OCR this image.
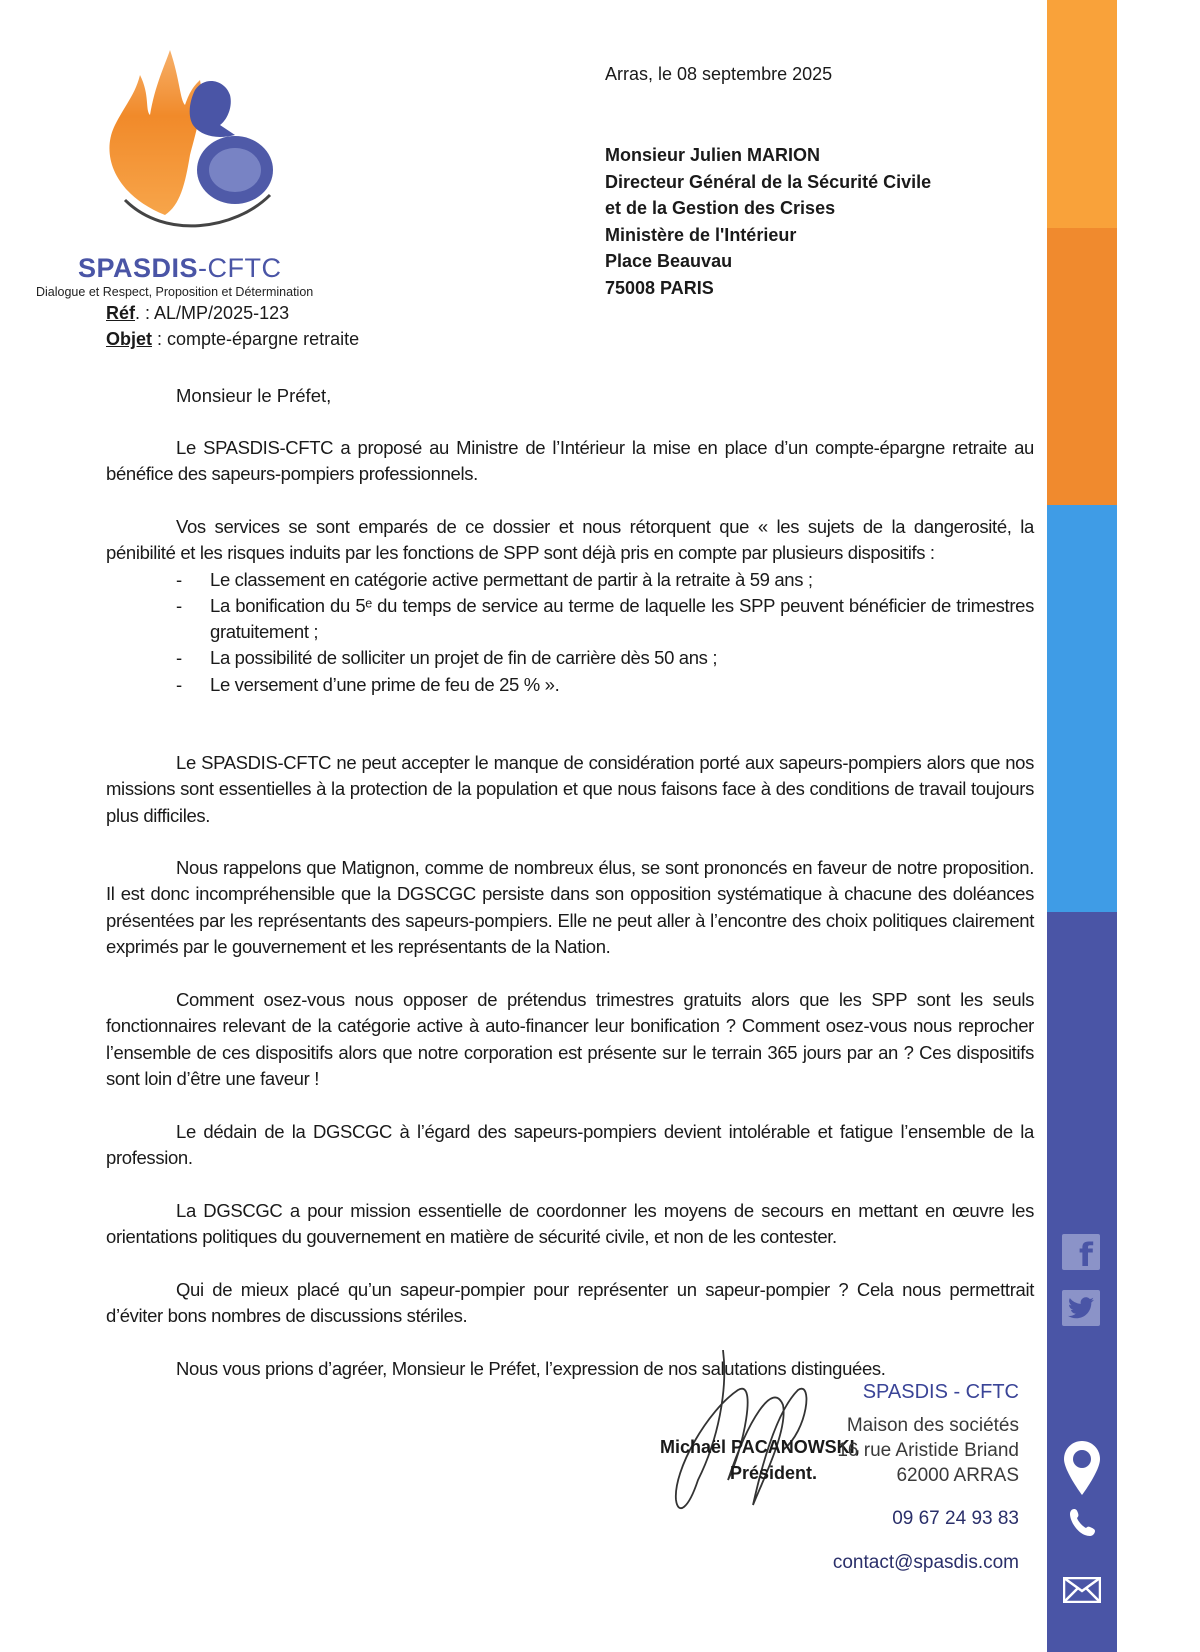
f
SPASDIS-CFTC
Dialogue et Respect, Proposition et Détermination
Réf. : AL/MP/2025-123
Objet : compte-épargne retraite
Arras, le 08 septembre 2025
Monsieur Julien MARION
Directeur Général de la Sécurité Civile
et de la Gestion des Crises
Ministère de l'Intérieur
Place Beauvau
75008 PARIS
Monsieur le Préfet,

Le SPASDIS-CFTC a proposé au Ministre de l’Intérieur la mise en place d’un compte-épargne retraite au bénéfice des sapeurs-pompiers professionnels.

Vos services se sont emparés de ce dossier et nous rétorquent que « les sujets de la dangerosité, la pénibilité et les risques induits par les fonctions de SPP sont déjà pris en compte par plusieurs dispositifs :

- Le classement en catégorie active permettant de partir à la retraite à 59 ans ;
- La bonification du 5ᵉ du temps de service au terme de laquelle les SPP peuvent bénéficier de trimestres gratuitement ;
- La possibilité de solliciter un projet de fin de carrière dès 50 ans ;
- Le versement d’une prime de feu de 25 % ».

Le SPASDIS-CFTC ne peut accepter le manque de considération porté aux sapeurs-pompiers alors que nos missions sont essentielles à la protection de la population et que nous faisons face à des conditions de travail toujours plus difficiles.

Nous rappelons que Matignon, comme de nombreux élus, se sont prononcés en faveur de notre proposition. Il est donc incompréhensible que la DGSCGC persiste dans son opposition systématique à chacune des doléances présentées par les représentants des sapeurs-pompiers. Elle ne peut aller à l’encontre des choix politiques clairement exprimés par le gouvernement et les représentants de la Nation.

Comment osez-vous nous opposer de prétendus trimestres gratuits alors que les SPP sont les seuls fonctionnaires relevant de la catégorie active à auto-financer leur bonification ? Comment osez-vous nous reprocher l’ensemble de ces dispositifs alors que notre corporation est présente sur le terrain 365 jours par an ? Ces dispositifs sont loin d’être une faveur !

Le dédain de la DGSCGC à l’égard des sapeurs-pompiers devient intolérable et fatigue l’ensemble de la profession.

La DGSCGC a pour mission essentielle de coordonner les moyens de secours en mettant en œuvre les orientations politiques du gouvernement en matière de sécurité civile, et non de les contester.

Qui de mieux placé qu’un sapeur-pompier pour représenter un sapeur-pompier ? Cela nous permettrait d’éviter bons nombres de discussions stériles.

Nous vous prions d’agréer, Monsieur le Préfet, l’expression de nos salutations distinguées.

Michaël PACANOWSKI,
Président.
SPASDIS - CFTC
Maison des sociétés
16 rue Aristide Briand
62000 ARRAS
09 67 24 93 83
contact@spasdis.com
